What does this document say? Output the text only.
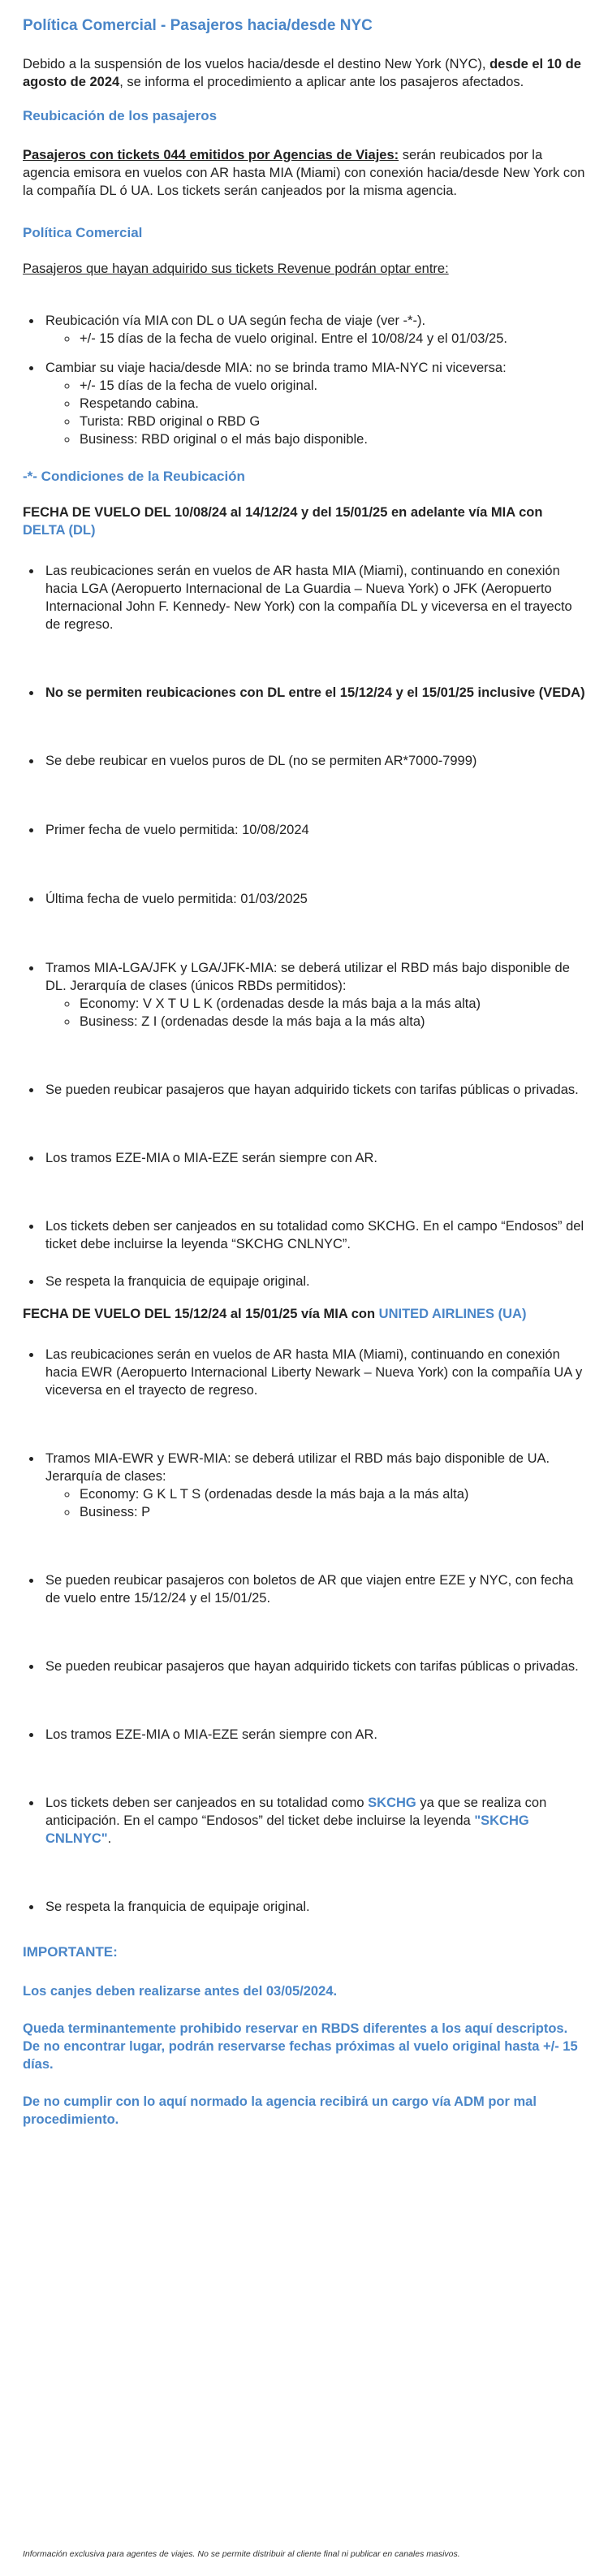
Política Comercial - Pasajeros hacia/desde NYC

Debido a la suspensión de los vuelos hacia/desde el destino New York (NYC), desde el 10 de agosto de 2024, se informa el procedimiento a aplicar ante los pasajeros afectados.

Reubicación de los pasajeros

Pasajeros con tickets 044 emitidos por Agencias de Viajes: serán reubicados por la agencia emisora en vuelos con AR hasta MIA (Miami) con conexión hacia/desde New York con la compañía DL ó UA. Los tickets serán canjeados por la misma agencia.

Política Comercial

Pasajeros que hayan adquirido sus tickets Revenue podrán optar entre:

• Reubicación vía MIA con DL o UA según fecha de viaje (ver -*-).
◦ +/- 15 días de la fecha de vuelo original. Entre el 10/08/24 y el 01/03/25.
• Cambiar su viaje hacia/desde MIA: no se brinda tramo MIA-NYC ni viceversa:
◦ +/- 15 días de la fecha de vuelo original.
◦ Respetando cabina.
◦ Turista: RBD original o RBD G
◦ Business: RBD original o el más bajo disponible.
-*- Condiciones de la Reubicación

FECHA DE VUELO DEL 10/08/24 al 14/12/24 y del 15/01/25 en adelante vía MIA con DELTA (DL)

• Las reubicaciones serán en vuelos de AR hasta MIA (Miami), continuando en conexión hacia LGA (Aeropuerto Internacional de La Guardia – Nueva York) o JFK (Aeropuerto Internacional John F. Kennedy- New York) con la compañía DL y viceversa en el trayecto de regreso.
• No se permiten reubicaciones con DL entre el 15/12/24 y el 15/01/25 inclusive (VEDA)
• Se debe reubicar en vuelos puros de DL (no se permiten AR*7000-7999)
• Primer fecha de vuelo permitida: 10/08/2024
• Última fecha de vuelo permitida: 01/03/2025
• Tramos MIA-LGA/JFK y LGA/JFK-MIA: se deberá utilizar el RBD más bajo disponible de DL. Jerarquía de clases (únicos RBDs permitidos):
◦ Economy: V X T U L K (ordenadas desde la más baja a la más alta)
◦ Business: Z I (ordenadas desde la más baja a la más alta)
• Se pueden reubicar pasajeros que hayan adquirido tickets con tarifas públicas o privadas.
• Los tramos EZE-MIA o MIA-EZE serán siempre con AR.
• Los tickets deben ser canjeados en su totalidad como SKCHG. En el campo “Endosos” del ticket debe incluirse la leyenda “SKCHG CNLNYC”.
• Se respeta la franquicia de equipaje original.

FECHA DE VUELO DEL 15/12/24 al 15/01/25 vía MIA con UNITED AIRLINES (UA)

• Las reubicaciones serán en vuelos de AR hasta MIA (Miami), continuando en conexión hacia EWR (Aeropuerto Internacional Liberty Newark – Nueva York) con la compañía UA y viceversa en el trayecto de regreso.
• Tramos MIA-EWR y EWR-MIA: se deberá utilizar el RBD más bajo disponible de UA. Jerarquía de clases:
◦ Economy: G K L T S (ordenadas desde la más baja a la más alta)
◦ Business: P
• Se pueden reubicar pasajeros con boletos de AR que viajen entre EZE y NYC, con fecha de vuelo entre 15/12/24 y el 15/01/25.
• Se pueden reubicar pasajeros que hayan adquirido tickets con tarifas públicas o privadas.
• Los tramos EZE-MIA o MIA-EZE serán siempre con AR.
• Los tickets deben ser canjeados en su totalidad como SKCHG ya que se realiza con anticipación. En el campo “Endosos” del ticket debe incluirse la leyenda "SKCHG CNLNYC".
• Se respeta la franquicia de equipaje original.
IMPORTANTE:

Los canjes deben realizarse antes del 03/05/2024.

Queda terminantemente prohibido reservar en RBDS diferentes a los aquí descriptos. De no encontrar lugar, podrán reservarse fechas próximas al vuelo original hasta +/- 15 días.

De no cumplir con lo aquí normado la agencia recibirá un cargo vía ADM por mal procedimiento.

Información exclusiva para agentes de viajes. No se permite distribuir al cliente final ni publicar en canales masivos.
